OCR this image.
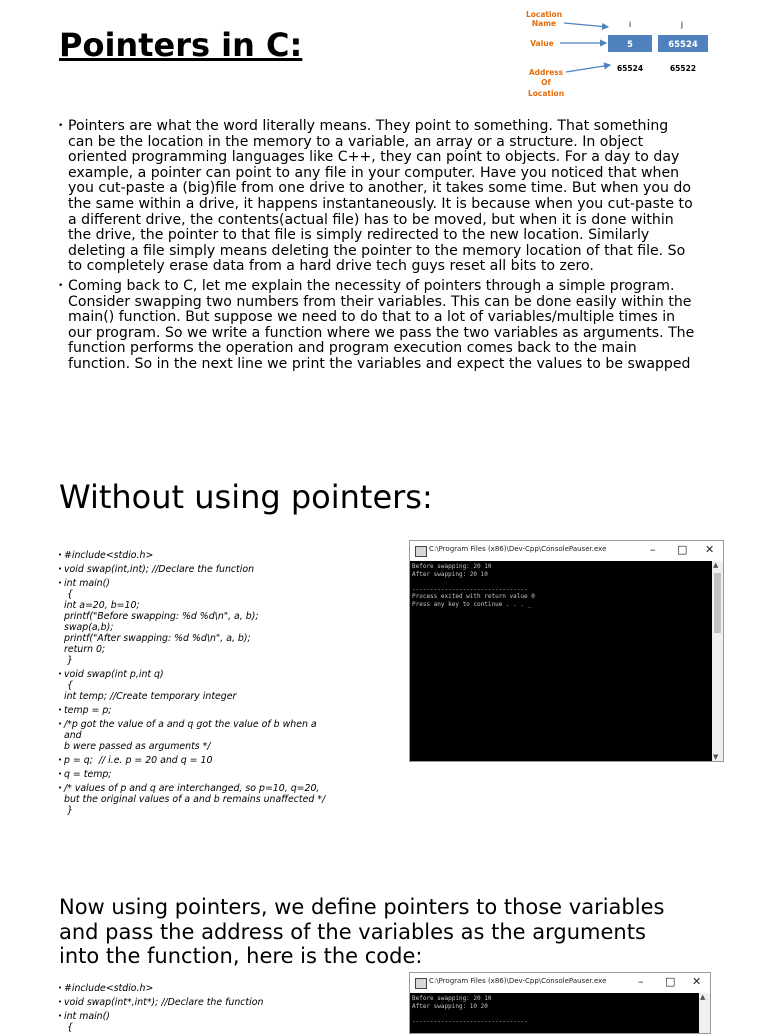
Pointers in C:
Location
Name
Value
Address
Of
Location
i	j
5	65524
65524	65522
• Pointers are what the word literally means. They point to something. That something
can be the location in the memory to a variable, an array or a structure. In object
oriented programming languages like C++, they can point to objects. For a day to day
example, a pointer can point to any file in your computer. Have you noticed that when
you cut-paste a (big)file from one drive to another, it takes some time. But when you do
the same within a drive, it happens instantaneously. It is because when you cut-paste to
a different drive, the contents(actual file) has to be moved, but when it is done within
the drive, the pointer to that file is simply redirected to the new location. Similarly
deleting a file simply means deleting the pointer to the memory location of that file. So
to completely erase data from a hard drive tech guys reset all bits to zero.
• Coming back to C, let me explain the necessity of pointers through a simple program.
Consider swapping two numbers from their variables. This can be done easily within the
main() function. But suppose we need to do that to a lot of variables/multiple times in
our program. So we write a function where we pass the two variables as arguments. The
function performs the operation and program execution comes back to the main
function. So in the next line we print the variables and expect the values to be swapped
Without using pointers:
• #include<stdio.h>
• void swap(int,int); //Declare the function
• int main()
{
int a=20, b=10;
printf("Before swapping: %d %d\n", a, b);
swap(a,b);
printf("After swapping: %d %d\n", a, b);
return 0;
}
• void swap(int p,int q)
{
int temp; //Create temporary integer
• temp = p;
• /*p got the value of a and q got the value of b when a
and
b were passed as arguments */
• p = q;  // i.e. p = 20 and q = 10
• q = temp;
• /* values of p and q are interchanged, so p=10, q=20,
but the original values of a and b remains unaffected */
}
C:\Program Files (x86)\Dev-Cpp\ConsolePauser.exe	– □ ✕
Before swapping: 20 10
After swapping: 20 10

--------------------------------
Process exited with return value 0
Press any key to continue . . . _
▲
▼
Now using pointers, we define pointers to those variables
and pass the address of the variables as the arguments
into the function, here is the code:
• #include<stdio.h>
• void swap(int*,int*); //Declare the function
• int main()
{
C:\Program Files (x86)\Dev-Cpp\ConsolePauser.exe	– □ ✕
Before swapping: 20 10
After swapping: 10 20

--------------------------------
▲
